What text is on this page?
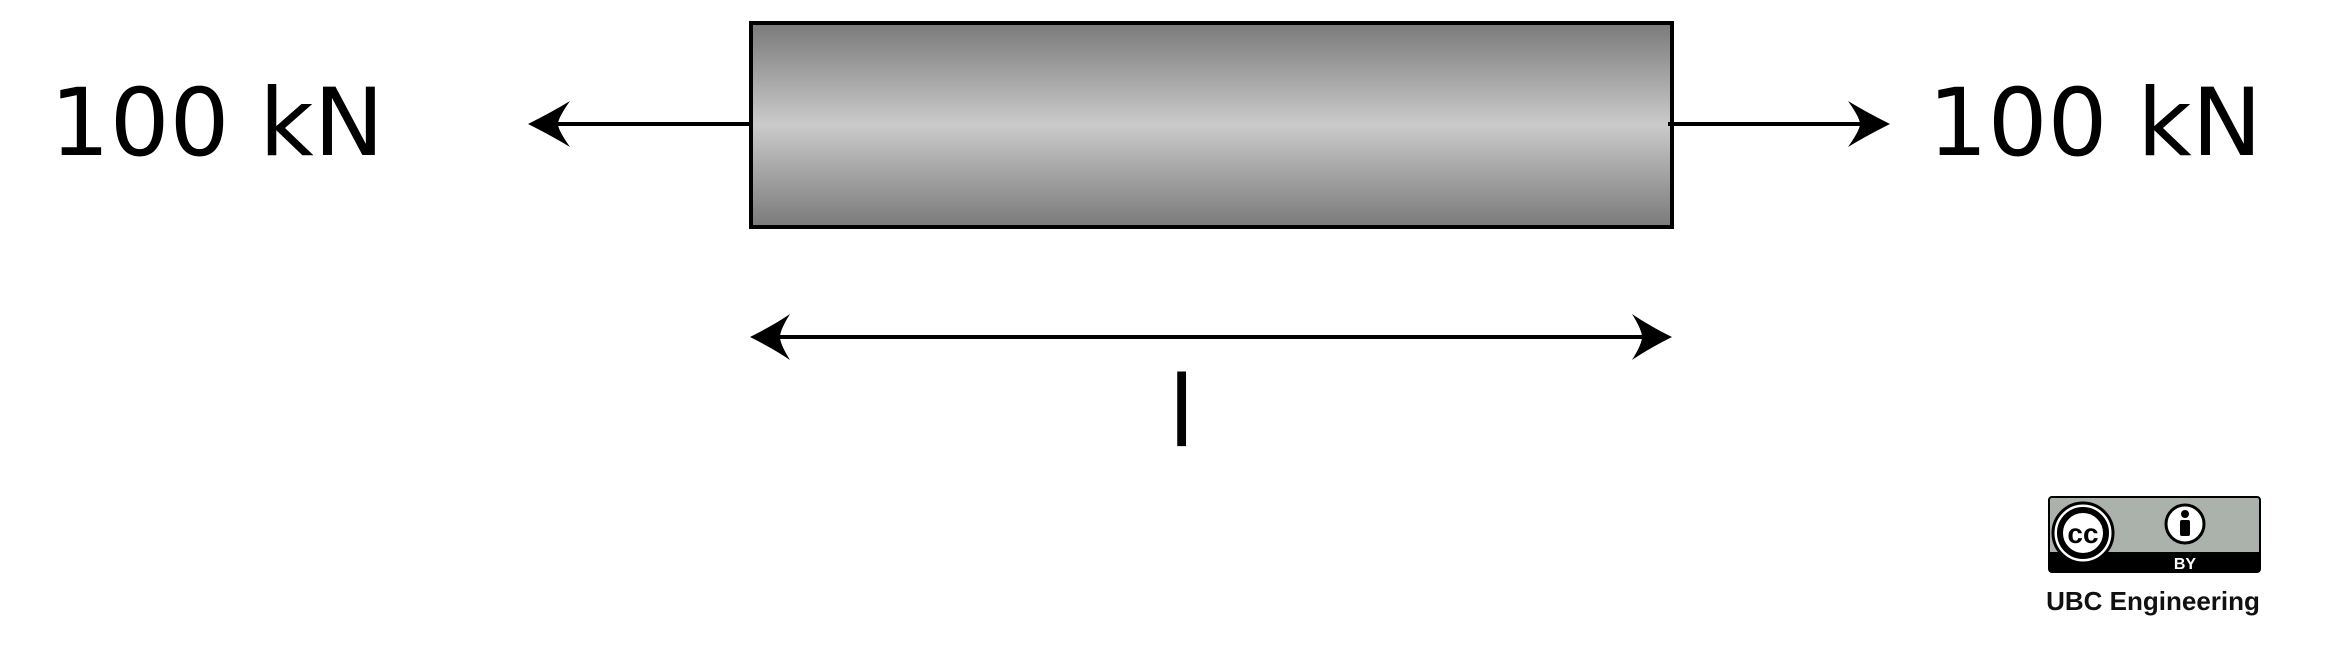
100 kN	100 kN
l
cc
BY
UBC Engineering
